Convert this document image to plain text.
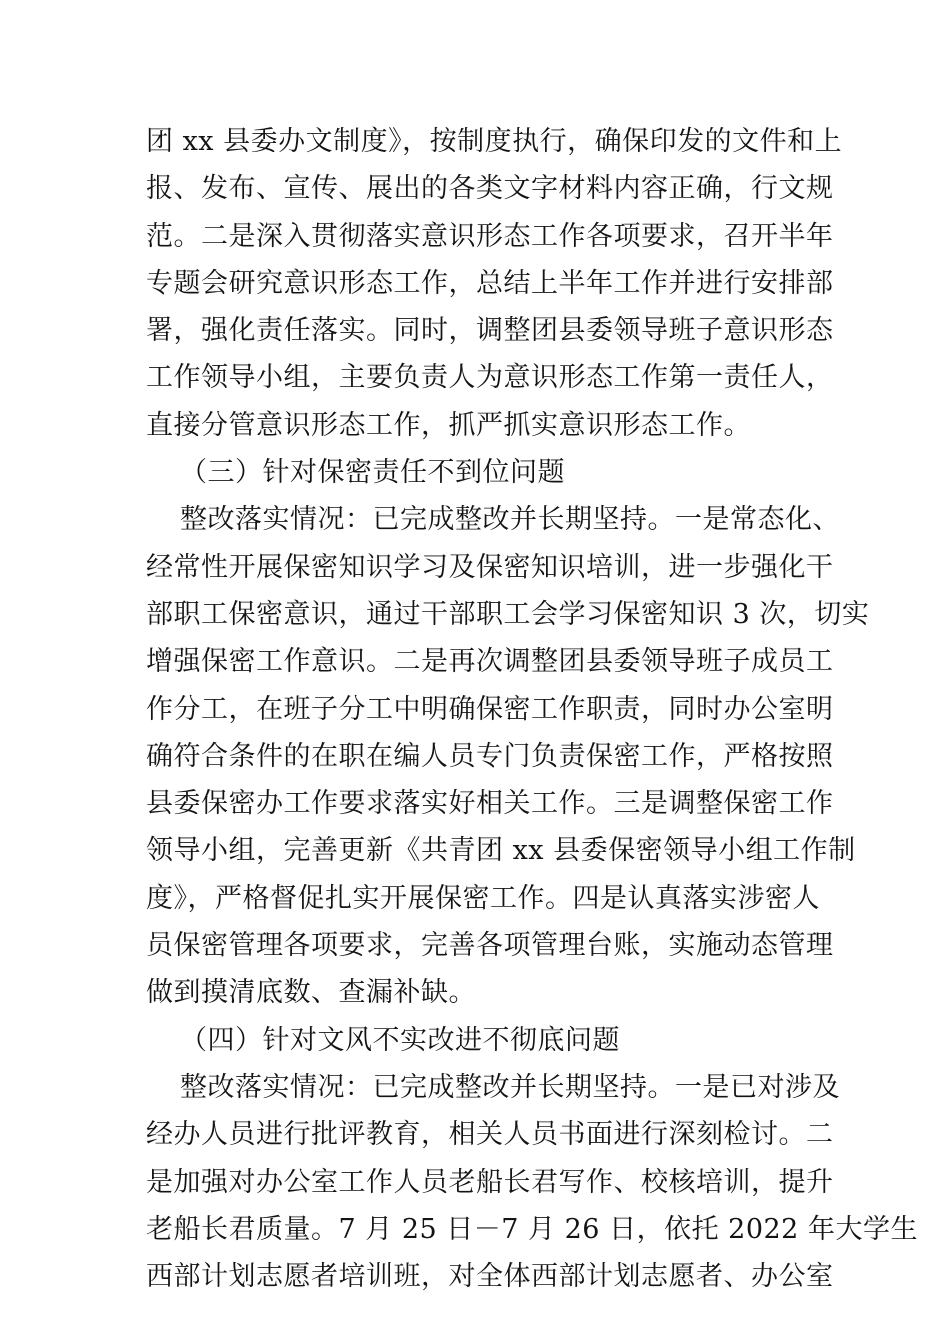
团 xx 县委办文制度》，按制度执行，确保印发的文件和上
报、发布、宣传、展出的各类文字材料内容正确，行文规
范。二是深入贯彻落实意识形态工作各项要求，召开半年
专题会研究意识形态工作，总结上半年工作并进行安排部
署，强化责任落实。同时，调整团县委领导班子意识形态
工作领导小组，主要负责人为意识形态工作第一责任人，
直接分管意识形态工作，抓严抓实意识形态工作。
（三）针对保密责任不到位问题
整改落实情况：已完成整改并长期坚持。一是常态化、
经常性开展保密知识学习及保密知识培训，进一步强化干
部职工保密意识，通过干部职工会学习保密知识 3 次，切实
增强保密工作意识。二是再次调整团县委领导班子成员工
作分工，在班子分工中明确保密工作职责，同时办公室明
确符合条件的在职在编人员专门负责保密工作，严格按照
县委保密办工作要求落实好相关工作。三是调整保密工作
领导小组，完善更新《共青团 xx 县委保密领导小组工作制
度》，严格督促扎实开展保密工作。四是认真落实涉密人
员保密管理各项要求，完善各项管理台账，实施动态管理
做到摸清底数、查漏补缺。
（四）针对文风不实改进不彻底问题
整改落实情况：已完成整改并长期坚持。一是已对涉及
经办人员进行批评教育，相关人员书面进行深刻检讨。二
是加强对办公室工作人员老船长君写作、校核培训，提升
老船长君质量。7 月 25 日－7 月 26 日，依托 2022 年大学生
西部计划志愿者培训班，对全体西部计划志愿者、办公室
